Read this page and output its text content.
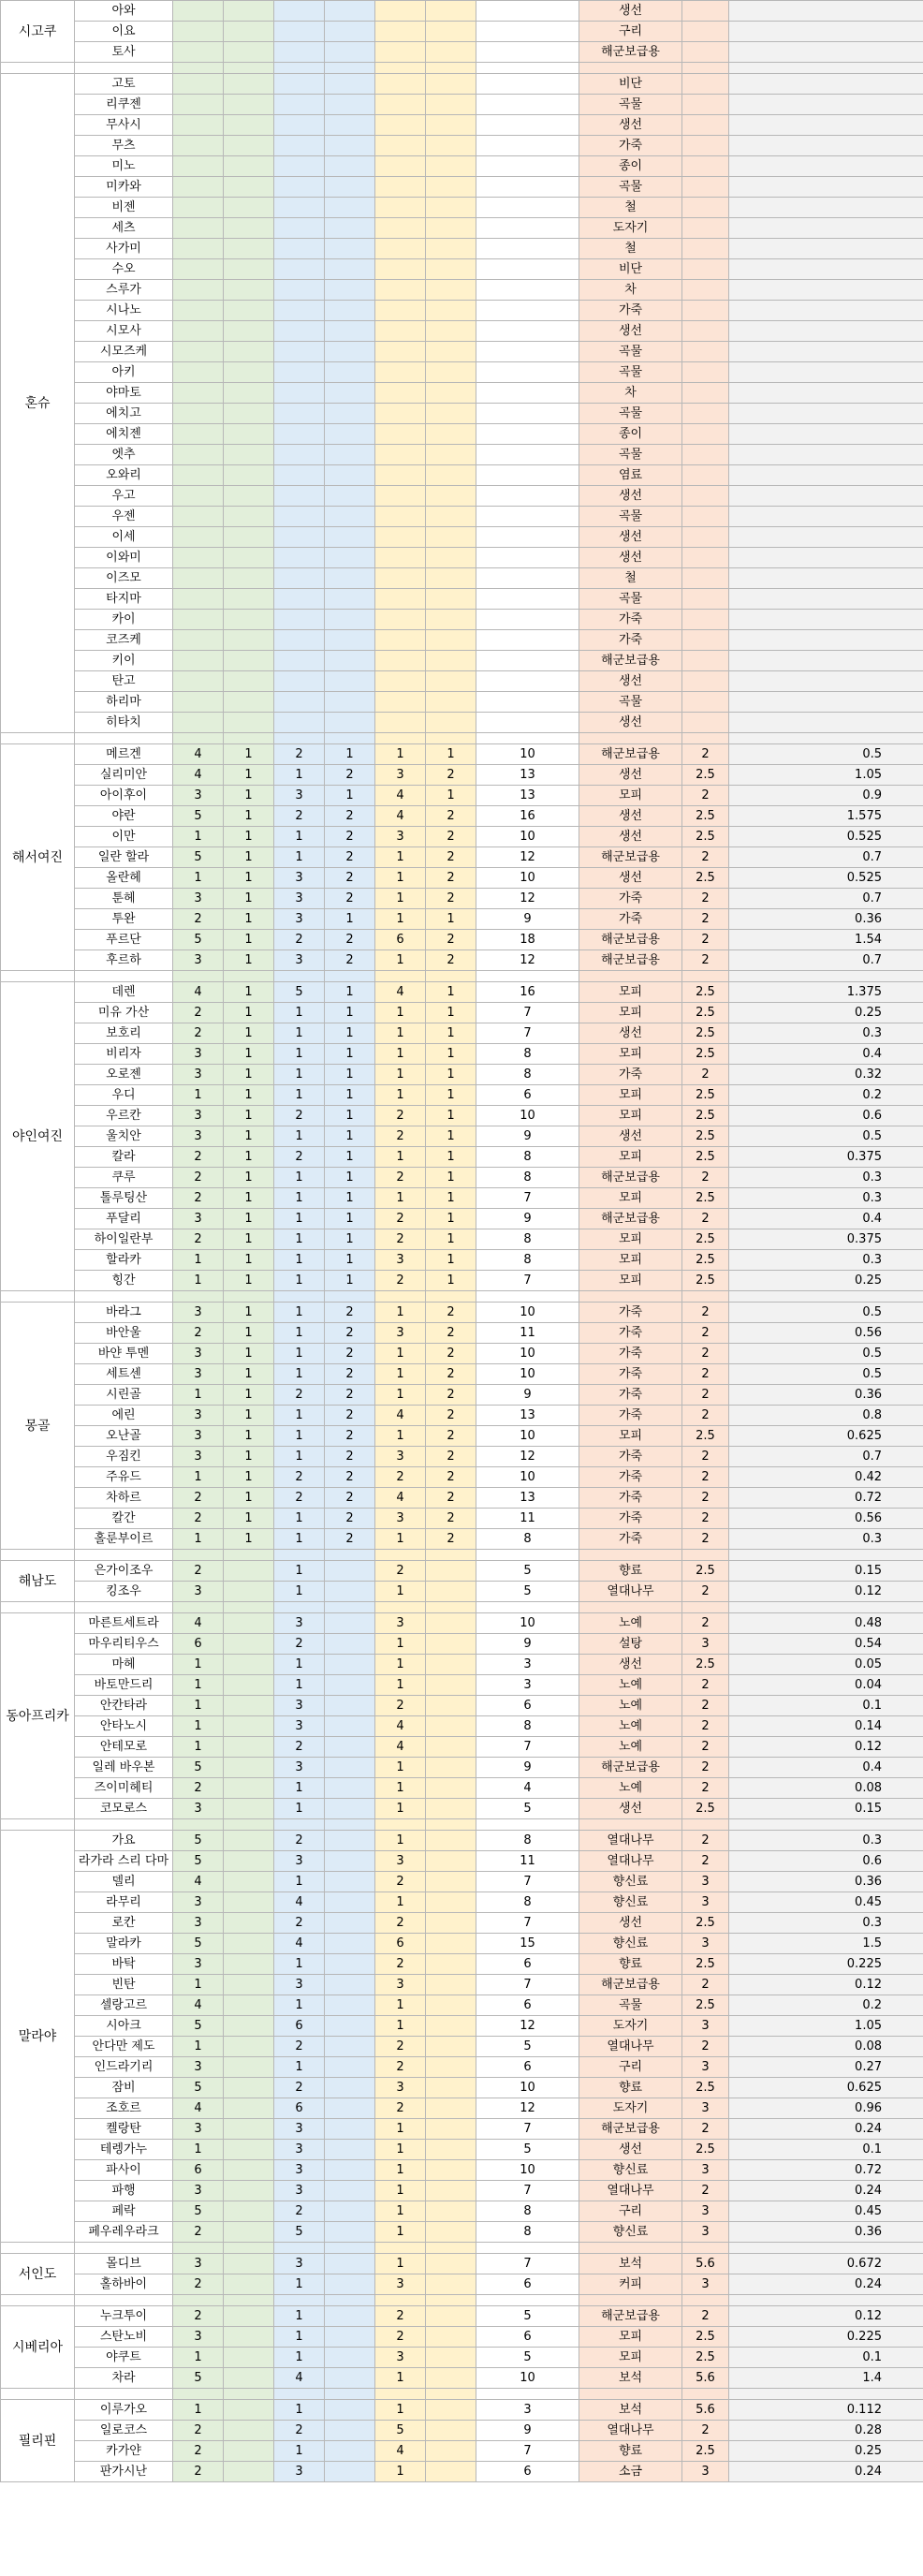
시고쿠	아와								생선		
	이요								구리		
	토사								해군보급용		

혼슈	고토								비단		
	리쿠젠								곡물		
	무사시								생선		
	무츠								가죽		
	미노								종이		
	미카와								곡물		
	비젠								철		
	세츠								도자기		
	사가미								철		
	수오								비단		
	스루가								차		
	시나노								가죽		
	시모사								생선		
	시모즈케								곡물		
	아키								곡물		
	야마토								차		
	에치고								곡물		
	에치젠								종이		
	엣추								곡물		
	오와리								염료		
	우고								생선		
	우젠								곡물		
	이세								생선		
	이와미								생선		
	이즈모								철		
	타지마								곡물		
	카이								가죽		
	코즈케								가죽		
	키이								해군보급용		
	탄고								생선		
	하리마								곡물		
	히타치								생선		

해서여진	메르겐	4	1	2	1	1	1	10	해군보급용	2	0.5
	실리미안	4	1	1	2	3	2	13	생선	2.5	1.05
	아이후이	3	1	3	1	4	1	13	모피	2	0.9
	야란	5	1	2	2	4	2	16	생선	2.5	1.575
	이만	1	1	1	2	3	2	10	생선	2.5	0.525
	일란 할라	5	1	1	2	1	2	12	해군보급용	2	0.7
	올란헤	1	1	3	2	1	2	10	생선	2.5	0.525
	툰헤	3	1	3	2	1	2	12	가죽	2	0.7
	투완	2	1	3	1	1	1	9	가죽	2	0.36
	푸르단	5	1	2	2	6	2	18	해군보급용	2	1.54
	후르하	3	1	3	2	1	2	12	해군보급용	2	0.7

야인여진	데렌	4	1	5	1	4	1	16	모피	2.5	1.375
	미유 가산	2	1	1	1	1	1	7	모피	2.5	0.25
	보호리	2	1	1	1	1	1	7	생선	2.5	0.3
	비리자	3	1	1	1	1	1	8	모피	2.5	0.4
	오로젠	3	1	1	1	1	1	8	가죽	2	0.32
	우디	1	1	1	1	1	1	6	모피	2.5	0.2
	우르칸	3	1	2	1	2	1	10	모피	2.5	0.6
	울치안	3	1	1	1	2	1	9	생선	2.5	0.5
	칼라	2	1	2	1	1	1	8	모피	2.5	0.375
	쿠루	2	1	1	1	2	1	8	해군보급용	2	0.3
	톨루팅산	2	1	1	1	1	1	7	모피	2.5	0.3
	푸달리	3	1	1	1	2	1	9	해군보급용	2	0.4
	하이일란부	2	1	1	1	2	1	8	모피	2.5	0.375
	할라카	1	1	1	1	3	1	8	모피	2.5	0.3
	힝간	1	1	1	1	2	1	7	모피	2.5	0.25

몽골	바라그	3	1	1	2	1	2	10	가죽	2	0.5
	바안울	2	1	1	2	3	2	11	가죽	2	0.56
	바얀 투멘	3	1	1	2	1	2	10	가죽	2	0.5
	세트센	3	1	1	2	1	2	10	가죽	2	0.5
	시린골	1	1	2	2	1	2	9	가죽	2	0.36
	에린	3	1	1	2	4	2	13	가죽	2	0.8
	오난골	3	1	1	2	1	2	10	모피	2.5	0.625
	우짐킨	3	1	1	2	3	2	12	가죽	2	0.7
	주유드	1	1	2	2	2	2	10	가죽	2	0.42
	차하르	2	1	2	2	4	2	13	가죽	2	0.72
	칼간	2	1	1	2	3	2	11	가죽	2	0.56
	홀룬부이르	1	1	1	2	1	2	8	가죽	2	0.3

해남도	은가이조우	2		1		2		5	향료	2.5	0.15
	킹조우	3		1		1		5	열대나무	2	0.12

동아프리카	마른트세트라	4		3		3		10	노예	2	0.48
	마우리티우스	6		2		1		9	설탕	3	0.54
	마헤	1		1		1		3	생선	2.5	0.05
	바토만드리	1		1		1		3	노예	2	0.04
	안칸타라	1		3		2		6	노예	2	0.1
	안타노시	1		3		4		8	노예	2	0.14
	안테모로	1		2		4		7	노예	2	0.12
	일레 바우본	5		3		1		9	해군보급용	2	0.4
	즈이미헤티	2		1		1		4	노예	2	0.08
	코모로스	3		1		1		5	생선	2.5	0.15

말라야	가요	5		2		1		8	열대나무	2	0.3
	라가라 스리 다마	5		3		3		11	열대나무	2	0.6
	델리	4		1		2		7	향신료	3	0.36
	라무리	3		4		1		8	향신료	3	0.45
	로칸	3		2		2		7	생선	2.5	0.3
	말라카	5		4		6		15	향신료	3	1.5
	바탁	3		1		2		6	향료	2.5	0.225
	빈탄	1		3		3		7	해군보급용	2	0.12
	셀랑고르	4		1		1		6	곡물	2.5	0.2
	시아크	5		6		1		12	도자기	3	1.05
	안다만 제도	1		2		2		5	열대나무	2	0.08
	인드라기리	3		1		2		6	구리	3	0.27
	잠비	5		2		3		10	향료	2.5	0.625
	조호르	4		6		2		12	도자기	3	0.96
	켈랑탄	3		3		1		7	해군보급용	2	0.24
	테렝가누	1		3		1		5	생선	2.5	0.1
	파사이	6		3		1		10	향신료	3	0.72
	파행	3		3		1		7	열대나무	2	0.24
	페락	5		2		1		8	구리	3	0.45
	페우레우라크	2		5		1		8	향신료	3	0.36

서인도	몰디브	3		3		1		7	보석	5.6	0.672
	홀하바이	2		1		3		6	커피	3	0.24

시베리아	누크투이	2		1		2		5	해군보급용	2	0.12
	스탄노비	3		1		2		6	모피	2.5	0.225
	야쿠트	1		1		3		5	모피	2.5	0.1
	차라	5		4		1		10	보석	5.6	1.4

필리핀	이루가오	1		1		1		3	보석	5.6	0.112
	일로코스	2		2		5		9	열대나무	2	0.28
	카가얀	2		1		4		7	향료	2.5	0.25
	판가시난	2		3		1		6	소금	3	0.24
